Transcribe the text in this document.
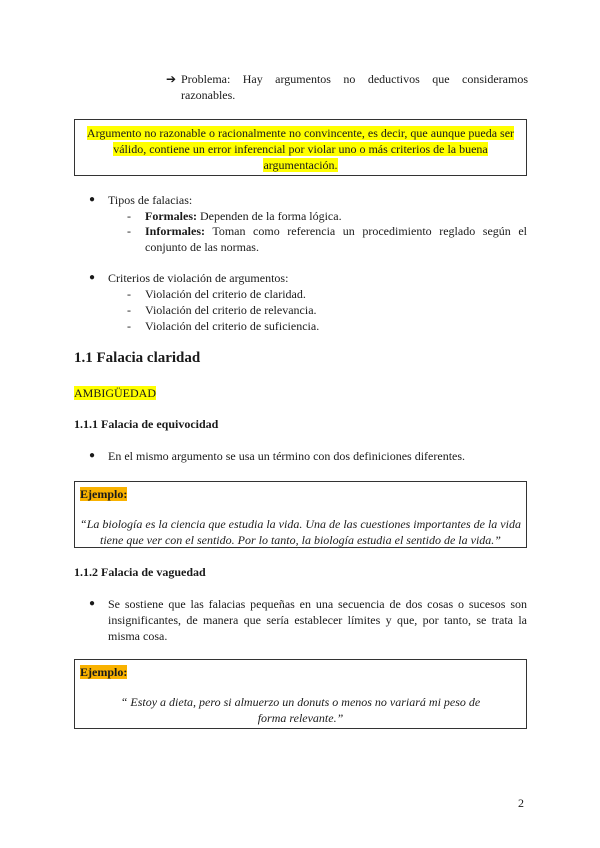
➔ Problema: Hay argumentos no deductivos que consideramos razonables.
Argumento no razonable o racionalmente no convincente, es decir, que aunque pueda ser válido, contiene un error inferencial por violar uno o más criterios de la buena argumentación.
● Tipos de falacias:
- Formales: Dependen de la forma lógica.
- Informales: Toman como referencia un procedimiento reglado según el conjunto de las normas.
● Criterios de violación de argumentos:
- Violación del criterio de claridad.
- Violación del criterio de relevancia.
- Violación del criterio de suficiencia.
1.1 Falacia claridad
AMBIGÜEDAD
1.1.1 Falacia de equivocidad
● En el mismo argumento se usa un término con dos definiciones diferentes.
Ejemplo:
“La biología es la ciencia que estudia la vida. Una de las cuestiones importantes de la vida tiene que ver con el sentido. Por lo tanto, la biología estudia el sentido de la vida.”
1.1.2 Falacia de vaguedad
● Se sostiene que las falacias pequeñas en una secuencia de dos cosas o sucesos son insignificantes, de manera que sería establecer límites y que, por tanto, se trata la misma cosa.
Ejemplo:
“ Estoy a dieta, pero si almuerzo un donuts o menos no variará mi peso de forma relevante.”
2
